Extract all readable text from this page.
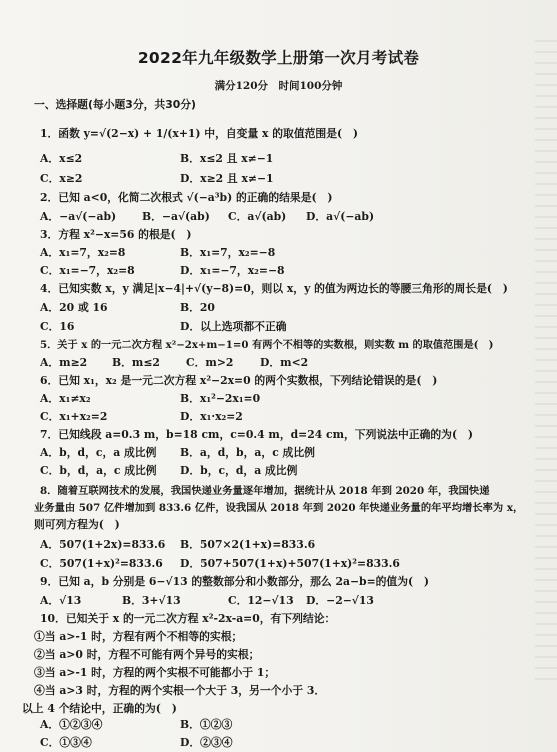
2022年九年级数学上册第一次月考试卷
满分120分　时间100分钟
一、选择题(每小题3分，共30分)
1．函数 y=√(2−x) + 1/(x+1) 中，自变量 x 的取值范围是(　)
A．x≤2	B．x≤2 且 x≠−1
C．x≥2	D．x≥2 且 x≠−1
2．已知 a<0，化简二次根式 √(−a³b) 的正确的结果是(　)
A．−a√(−ab) B．−a√(ab) C．a√(ab) D．a√(−ab)
3．方程 x²−x=56 的根是(　)
A．x₁=7，x₂=8	B．x₁=7，x₂=−8
C．x₁=−7，x₂=8	D．x₁=−7，x₂=−8
4．已知实数 x，y 满足|x−4|+√(y−8)=0，则以 x，y 的值为两边长的等腰三角形的周长是(　)
A．20 或 16	B．20
C．16	D．以上选项都不正确
5．关于 x 的一元二次方程 x²−2x+m−1=0 有两个不相等的实数根，则实数 m 的取值范围是(　)
A．m≥2 B．m≤2 C．m>2 D．m<2
6．已知 x₁，x₂ 是一元二次方程 x²−2x=0 的两个实数根，下列结论错误的是(　)
A．x₁≠x₂	B．x₁²−2x₁=0
C．x₁+x₂=2	D．x₁·x₂=2
7．已知线段 a=0.3 m，b=18 cm，c=0.4 m，d=24 cm，下列说法中正确的为(　)
A．b，d，c，a 成比例 B．a，d，b，a，c 成比例
C．b，d，a，c 成比例 D．b，c，d，a 成比例
8．随着互联网技术的发展，我国快递业务量逐年增加，据统计从 2018 年到 2020 年，我国快递
业务量由 507 亿件增加到 833.6 亿件，设我国从 2018 年到 2020 年快递业务量的年平均增长率为 x，
则可列方程为(　)
A．507(1+2x)=833.6 B．507×2(1+x)=833.6
C．507(1+x)²=833.6 D．507+507(1+x)+507(1+x)²=833.6
9．已知 a，b 分别是 6−√13 的整数部分和小数部分，那么 2a−b=的值为(　)
A．√13	B．3+√13	C．12−√13 D．−2−√13
10．已知关于 x 的一元二次方程 x²-2x-a=0，有下列结论：
①当 a>-1 时，方程有两个不相等的实根；
②当 a>0 时，方程不可能有两个异号的实根；
③当 a>-1 时，方程的两个实根不可能都小于 1；
④当 a>3 时，方程的两个实根一个大于 3，另一个小于 3．
以上 4 个结论中，正确的为(　)
A．①②③④	B．①②③
C．①③④	D．②③④
